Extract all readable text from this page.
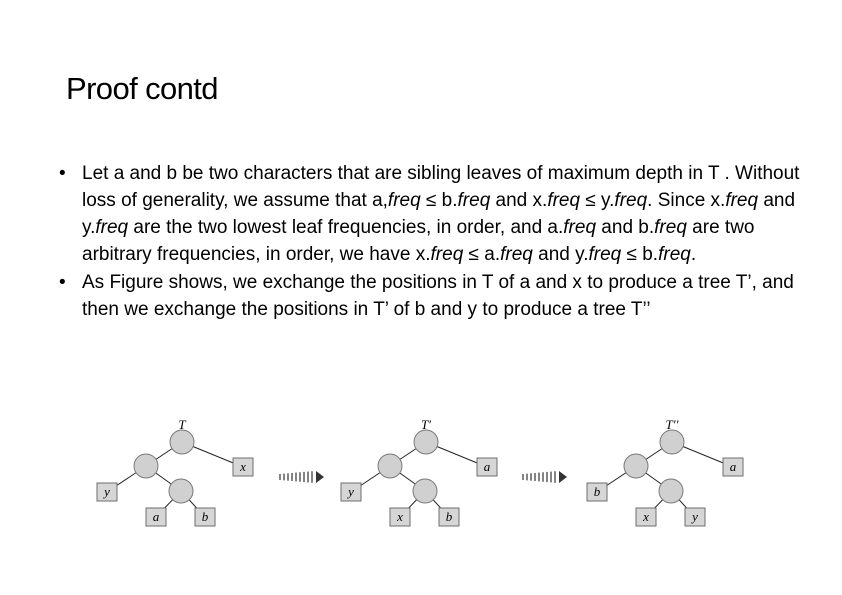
Proof contd
• Let a and b be two characters that are sibling leaves of maximum depth in T . Without loss of generality, we assume that a,freq ≤ b.freq and x.freq ≤ y.freq. Since x.freq and y.freq are the two lowest leaf frequencies, in order, and a.freq and b.freq are two arbitrary frequencies, in order, we have x.freq ≤ a.freq and y.freq ≤ b.freq.
• As Figure shows, we exchange the positions in T of a and x to produce a tree T’, and then we exchange the positions in T’ of b and y to produce a tree T’’
y
a	b
x
T
y
x	b
a
T′
b
x	y
a
T′′
